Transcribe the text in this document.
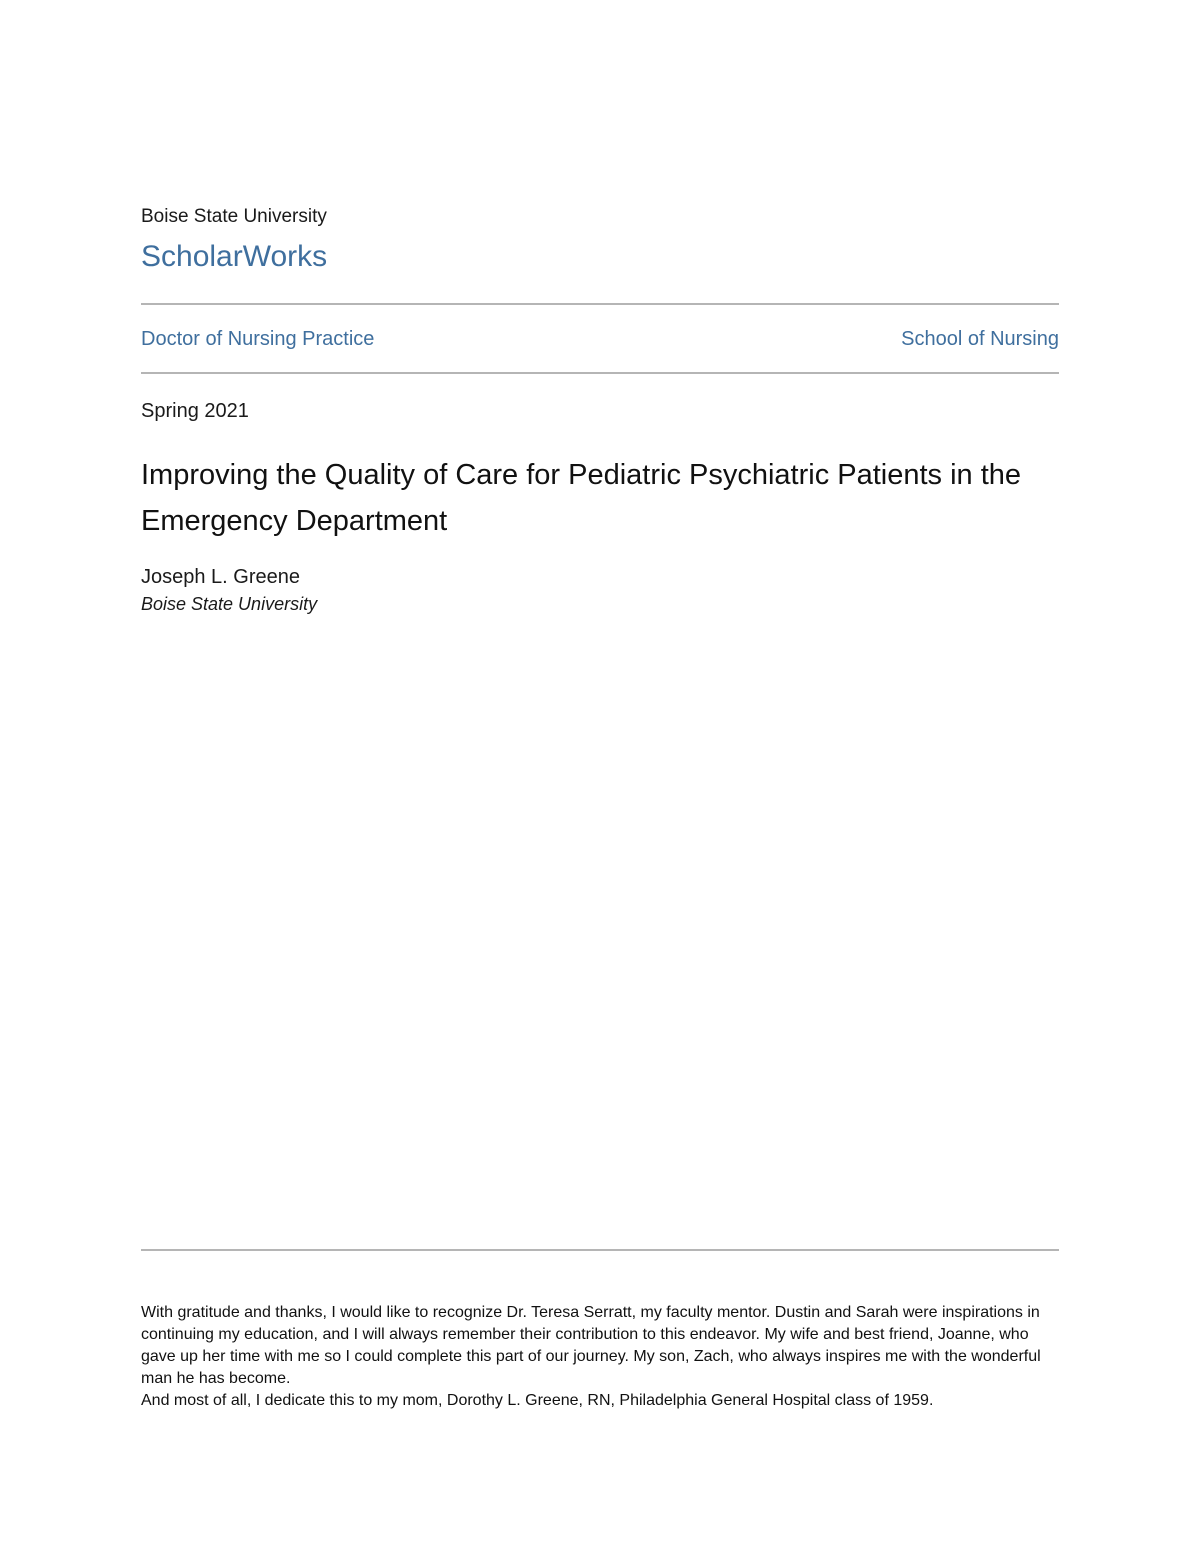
Boise State University
ScholarWorks
Doctor of Nursing Practice	School of Nursing
Spring 2021
Improving the Quality of Care for Pediatric Psychiatric Patients in the Emergency Department
Joseph L. Greene
Boise State University

With gratitude and thanks, I would like to recognize Dr. Teresa Serratt, my faculty mentor. Dustin and Sarah were inspirations in continuing my education, and I will always remember their contribution to this endeavor. My wife and best friend, Joanne, who gave up her time with me so I could complete this part of our journey. My son, Zach, who always inspires me with the wonderful man he has become.

And most of all, I dedicate this to my mom, Dorothy L. Greene, RN, Philadelphia General Hospital class of 1959.
